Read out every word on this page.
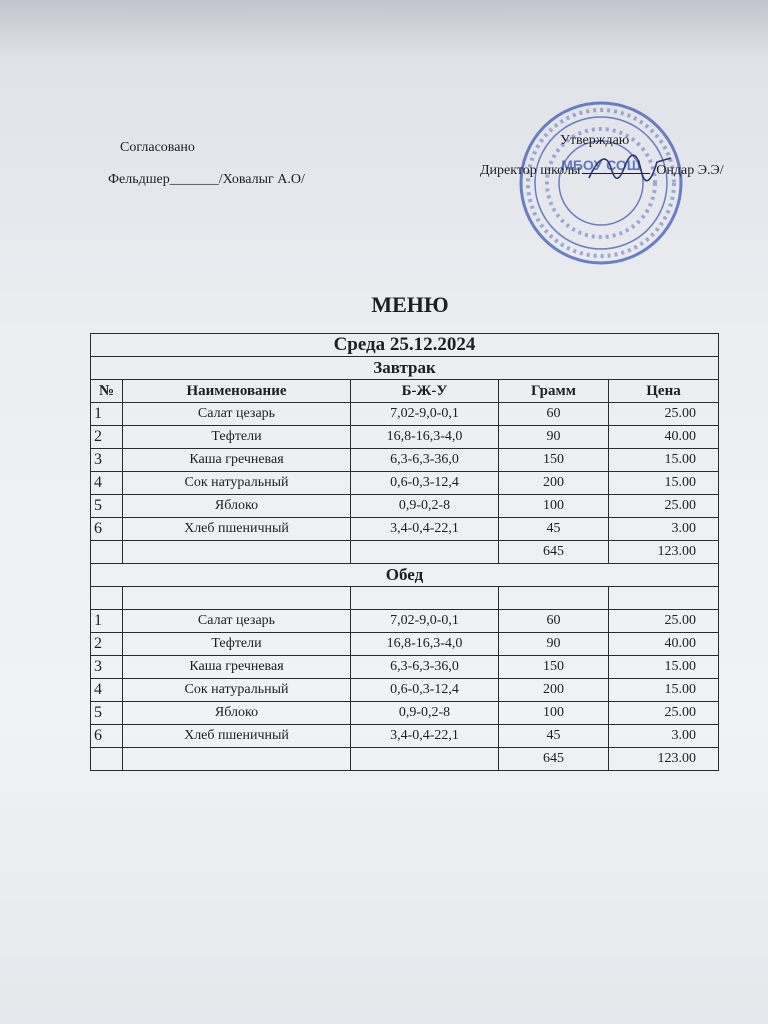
Согласовано
Фельдшер_______/Ховалыг А.О/
МБОУ СОШ
Утверждаю
Директор школы	/Ондар Э.Э/
МЕНЮ
Среда 25.12.2024				
Завтрак				
№	Наименование	Б-Ж-У	Грамм	Цена
1	Салат цезарь	7,02-9,0-0,1	60	25.00
2	Тефтели	16,8-16,3-4,0	90	40.00
3	Каша гречневая	6,3-6,3-36,0	150	15.00
4	Сок натуральный	0,6-0,3-12,4	200	15.00
5	Яблоко	0,9-0,2-8	100	25.00
6	Хлеб пшеничный	3,4-0,4-22,1	45	3.00
			645	123.00
Обед				

1	Салат цезарь	7,02-9,0-0,1	60	25.00
2	Тефтели	16,8-16,3-4,0	90	40.00
3	Каша гречневая	6,3-6,3-36,0	150	15.00
4	Сок натуральный	0,6-0,3-12,4	200	15.00
5	Яблоко	0,9-0,2-8	100	25.00
6	Хлеб пшеничный	3,4-0,4-22,1	45	3.00
			645	123.00
